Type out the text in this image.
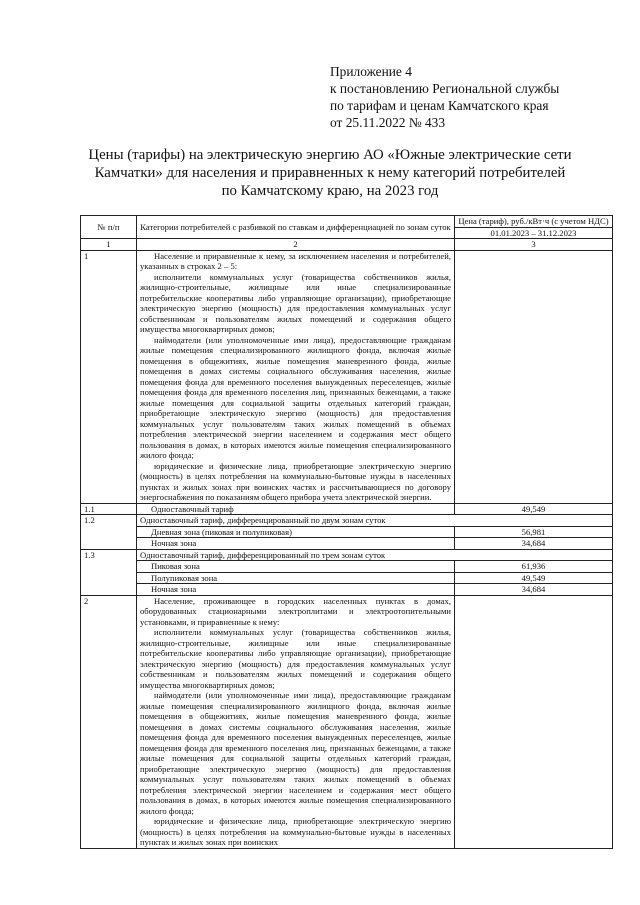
Приложение 4
к постановлению Региональной службы
по тарифам и ценам Камчатского края
от 25.11.2022 № 433
Цены (тарифы) на электрическую энергию АО «Южные электрические сети
Камчатки» для населения и приравненных к нему категорий потребителей
по Камчатскому краю, на 2023 год
№ п/п	Категории потребителей с разбивкой по ставкам и дифференциацией по зонам суток	Цена (тариф), руб./кВт·ч (с учетом НДС)
		01.01.2023 – 31.12.2023
1	2	3
1	Население и приравненные к нему, за исключением населения и потребителей, указанных в строках 2 – 5:

исполнители коммунальных услуг (товарищества собственников жилья, жилищно-строительные, жилищные или иные специализированные потребительские кооперативы либо управляющие организации), приобретающие электрическую энергию (мощность) для предоставления коммунальных услуг собственникам и пользователям жилых помещений и содержания общего имущества многоквартирных домов;

наймодатели (или уполномоченные ими лица), предоставляющие гражданам жилые помещения специализированного жилищного фонда, включая жилые помещения в общежитиях, жилые помещения маневренного фонда, жилые помещения в домах системы социального обслуживания населения, жилые помещения фонда для временного поселения вынужденных переселенцев, жилые помещения фонда для временного поселения лиц, признанных беженцами, а также жилые помещения для социальной защиты отдельных категорий граждан, приобретающие электрическую энергию (мощность) для предоставления коммунальных услуг пользователям таких жилых помещений в объемах потребления электрической энергии населением и содержания мест общего пользования в домах, в которых имеются жилые помещения специализированного жилого фонда;

юридические и физические лица, приобретающие электрическую энергию (мощность) в целях потребления на коммунально-бытовые нужды в населенных пунктах и жилых зонах при воинских частях и рассчитывающиеся по договору энергоснабжения по показаниям общего прибора учета электрической энергии.	

1.1	Одноставочный тариф	49,549
1.2	Одноставочный тариф, дифференцированный по двум зонам суток	
	Дневная зона (пиковая и полупиковая)	56,981
	Ночная зона	34,684
1.3	Одноставочный тариф, дифференцированный по трем зонам суток	
	Пиковая зона	61,936
	Полупиковая зона	49,549
	Ночная зона	34,684
2	Население, проживающее в городских населенных пунктах в домах, оборудованных стационарными электроплитами и электроотопительными установками, и приравненные к нему:

исполнители коммунальных услуг (товарищества собственников жилья, жилищно-строительные, жилищные или иные специализированные потребительские кооперативы либо управляющие организации), приобретающие электрическую энергию (мощность) для предоставления коммунальных услуг собственникам и пользователям жилых помещений и содержания общего имущества многоквартирных домов;

наймодатели (или уполномоченные ими лица), предоставляющие гражданам жилые помещения специализированного жилищного фонда, включая жилые помещения в общежитиях, жилые помещения маневренного фонда, жилые помещения в домах системы социального обслуживания населения, жилые помещения фонда для временного поселения вынужденных переселенцев, жилые помещения фонда для временного поселения лиц, признанных беженцами, а также жилые помещения для социальной защиты отдельных категорий граждан, приобретающие электрическую энергию (мощность) для предоставления коммунальных услуг пользователям таких жилых помещений в объемах потребления электрической энергии населением и содержания мест общего пользования в домах, в которых имеются жилые помещения специализированного жилого фонда;

юридические и физические лица, приобретающие электрическую энергию (мощность) в целях потребления на коммунально-бытовые нужды в населенных пунктах и жилых зонах при воинских	
